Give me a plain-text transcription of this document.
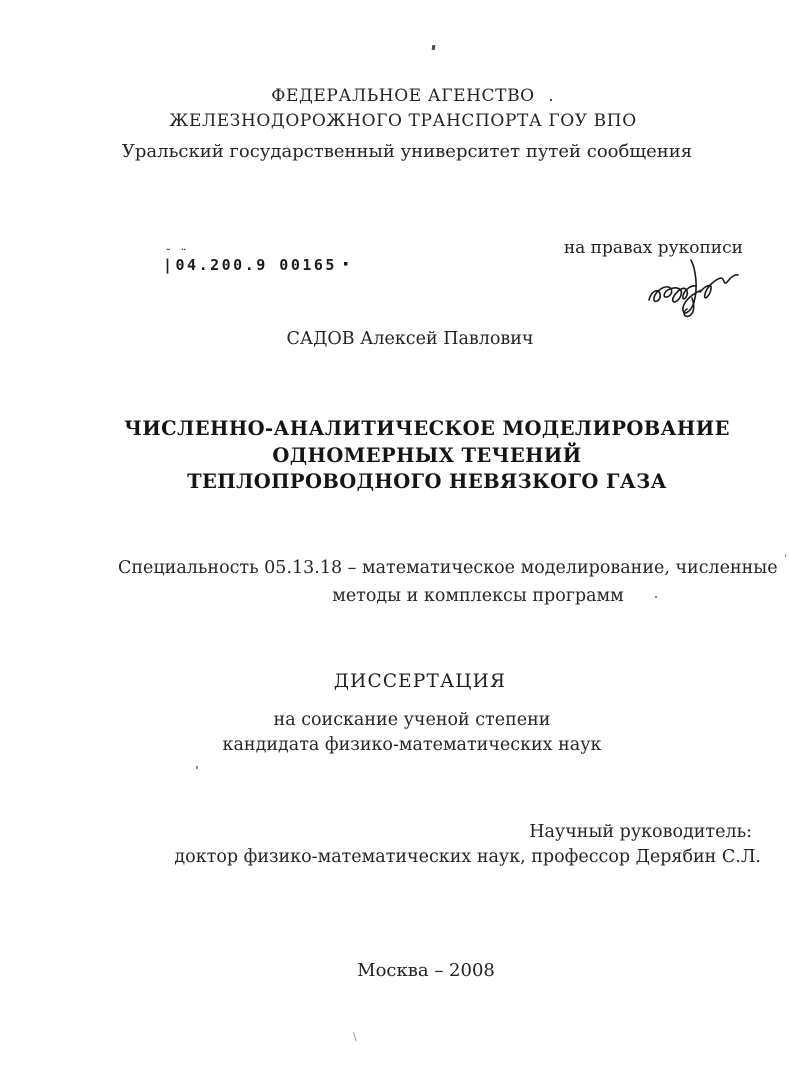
ФЕДЕРАЛЬНОЕ АГЕНСТВО
ЖЕЛЕЗНОДОРОЖНОГО ТРАНСПОРТА ГОУ ВПО
Уральский государственный университет путей сообщения
на правах рукописи
˘ ¨
|04.200.9 00165 ▪
САДОВ Алексей Павлович
ЧИСЛЕННО-АНАЛИТИЧЕСКОЕ МОДЕЛИРОВАНИЕ
ОДНОМЕРНЫХ ТЕЧЕНИЙ
ТЕПЛОПРОВОДНОГО НЕВЯЗКОГО ГАЗА
Специальность 05.13.18 – математическое моделирование, численные
методы и комплексы программ
'
ДИССЕРТАЦИЯ
на соискание ученой степени
кандидата физико-математических наук
Научный руководитель:
доктор физико-математических наук, профессор Дерябин С.Л.
Москва – 2008
\
